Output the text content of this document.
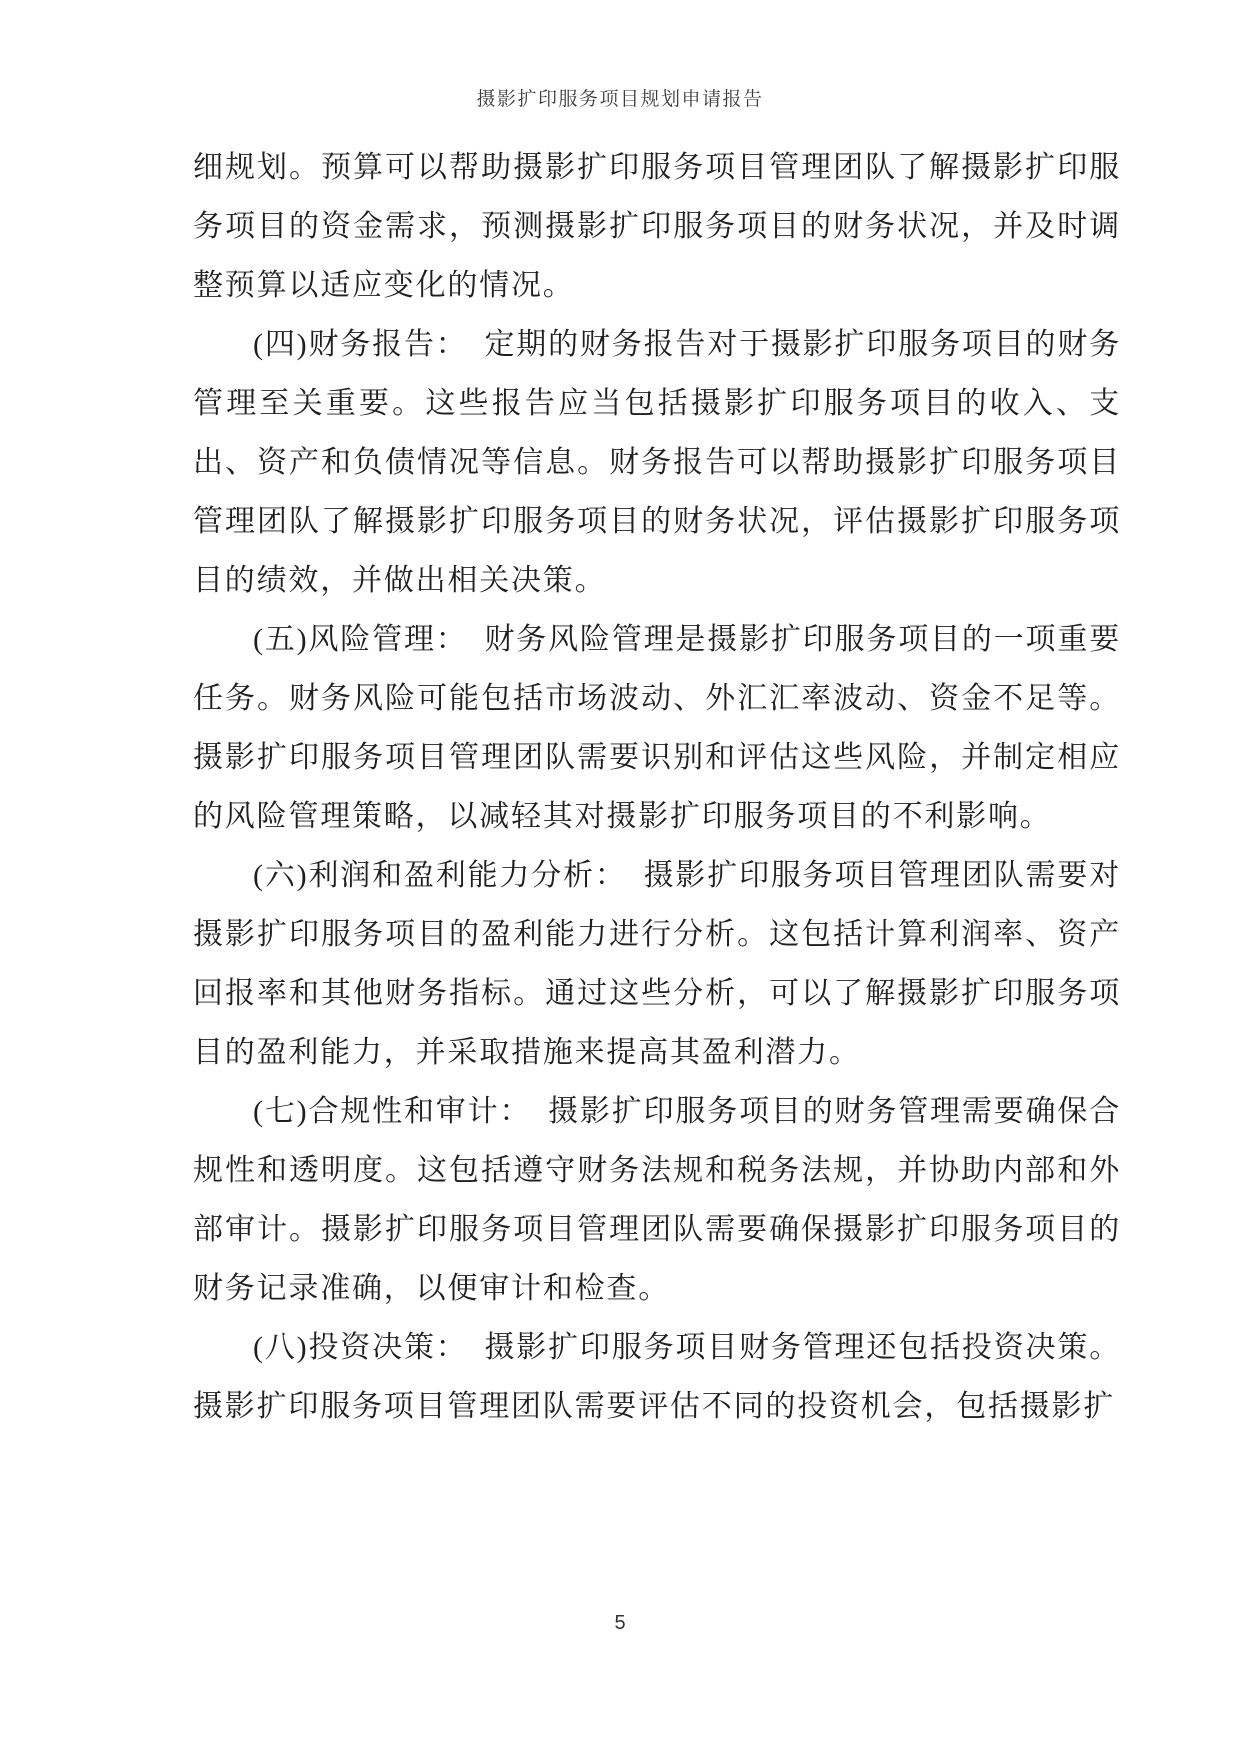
摄影扩印服务项目规划申请报告

细规划。预算可以帮助摄影扩印服务项目管理团队了解摄影扩印服务项目的资金需求，预测摄影扩印服务项目的财务状况，并及时调整预算以适应变化的情况。

(四)财务报告：　定期的财务报告对于摄影扩印服务项目的财务管理至关重要。这些报告应当包括摄影扩印服务项目的收入、支出、资产和负债情况等信息。财务报告可以帮助摄影扩印服务项目管理团队了解摄影扩印服务项目的财务状况，评估摄影扩印服务项目的绩效，并做出相关决策。

(五)风险管理：　财务风险管理是摄影扩印服务项目的一项重要任务。财务风险可能包括市场波动、外汇汇率波动、资金不足等。摄影扩印服务项目管理团队需要识别和评估这些风险，并制定相应的风险管理策略，以减轻其对摄影扩印服务项目的不利影响。

(六)利润和盈利能力分析：　摄影扩印服务项目管理团队需要对摄影扩印服务项目的盈利能力进行分析。这包括计算利润率、资产回报率和其他财务指标。通过这些分析，可以了解摄影扩印服务项目的盈利能力，并采取措施来提高其盈利潜力。

(七)合规性和审计：　摄影扩印服务项目的财务管理需要确保合规性和透明度。这包括遵守财务法规和税务法规，并协助内部和外部审计。摄影扩印服务项目管理团队需要确保摄影扩印服务项目的财务记录准确，以便审计和检查。

(八)投资决策：　摄影扩印服务项目财务管理还包括投资决策。摄影扩印服务项目管理团队需要评估不同的投资机会，包括摄影扩

5
